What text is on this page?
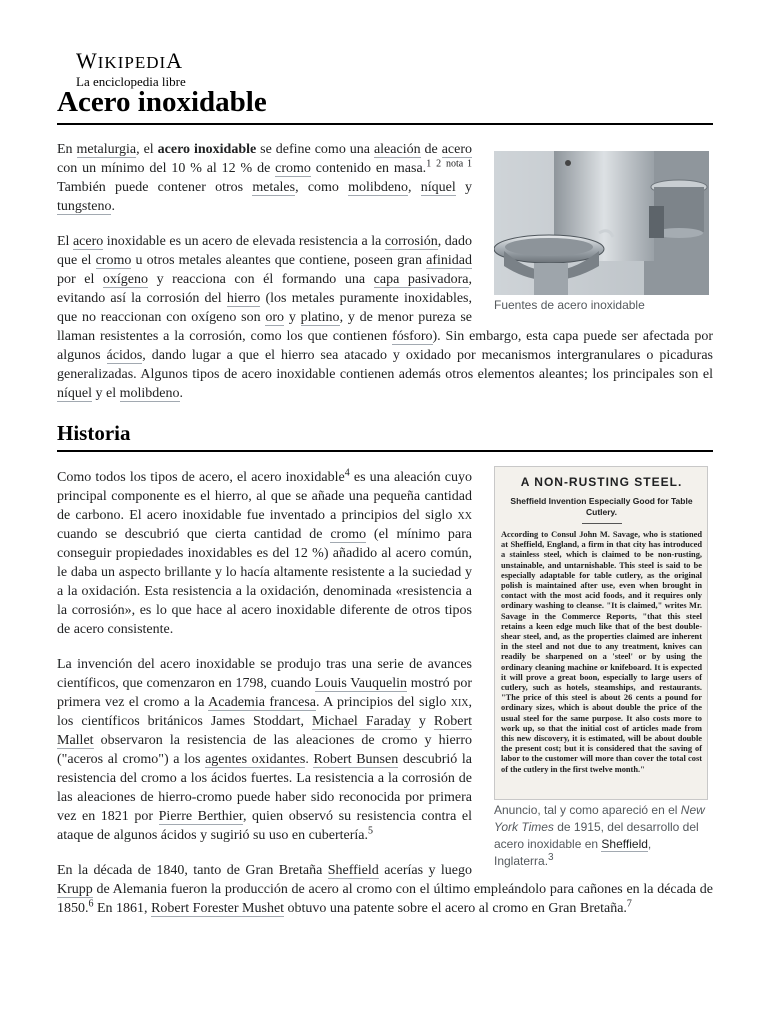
WIKIPEDIA
La enciclopedia libre
Acero inoxidable
Fuentes de acero inoxidable

En metalurgia, el acero inoxidable se define como una aleación de acero con un mínimo del 10 % al 12 % de cromo contenido en masa.$^1$ $^2$ $^{nota 1}$ También puede contener otros metales, como molibdeno, níquel y tungsteno.

El acero inoxidable es un acero de elevada resistencia a la corrosión, dado que el cromo u otros metales aleantes que contiene, poseen gran afinidad por el oxígeno y reacciona con él formando una capa pasivadora, evitando así la corrosión del hierro (los metales puramente inoxidables, que no reaccionan con oxígeno son oro y platino, y de menor pureza se llaman resistentes a la corrosión, como los que contienen fósforo). Sin embargo, esta capa puede ser afectada por algunos ácidos, dando lugar a que el hierro sea atacado y oxidado por mecanismos intergranulares o picaduras generalizadas. Algunos tipos de acero inoxidable contienen además otros elementos aleantes; los principales son el níquel y el molibdeno.

Historia
A NON-RUSTING STEEL.
Sheffield Invention Especially Good for Table Cutlery.
According to Consul John M. Savage, who is stationed at Sheffield, England, a firm in that city has introduced a stainless steel, which is claimed to be non-rusting, unstainable, and untarnishable. This steel is said to be especially adaptable for table cutlery, as the original polish is maintained after use, even when brought in contact with the most acid foods, and it requires only ordinary washing to cleanse. "It is claimed," writes Mr. Savage in the Commerce Reports, "that this steel retains a keen edge much like that of the best double-shear steel, and, as the properties claimed are inherent in the steel and not due to any treatment, knives can readily be sharpened on a 'steel' or by using the ordinary cleaning machine or knifeboard. It is expected it will prove a great boon, especially to large users of cutlery, such as hotels, steamships, and restaurants. "The price of this steel is about 26 cents a pound for ordinary sizes, which is about double the price of the usual steel for the same purpose. It also costs more to work up, so that the initial cost of articles made from this new discovery, it is estimated, will be about double the present cost; but it is considered that the saving of labor to the customer will more than cover the total cost of the cutlery in the first twelve month."
Anuncio, tal y como apareció en el New York Times de 1915, del desarrollo del acero inoxidable en Sheffield, Inglaterra.$^3$

Como todos los tipos de acero, el acero inoxidable$^4$ es una aleación cuyo principal componente es el hierro, al que se añade una pequeña cantidad de carbono. El acero inoxidable fue inventado a principios del siglo xx cuando se descubrió que cierta cantidad de cromo (el mínimo para conseguir propiedades inoxidables es del 12 %) añadido al acero común, le daba un aspecto brillante y lo hacía altamente resistente a la suciedad y a la oxidación. Esta resistencia a la oxidación, denominada «resistencia a la corrosión», es lo que hace al acero inoxidable diferente de otros tipos de acero consistente.

La invención del acero inoxidable se produjo tras una serie de avances científicos, que comenzaron en 1798, cuando Louis Vauquelin mostró por primera vez el cromo a la Academia francesa. A principios del siglo xix, los científicos británicos James Stoddart, Michael Faraday y Robert Mallet observaron la resistencia de las aleaciones de cromo y hierro ("aceros al cromo") a los agentes oxidantes. Robert Bunsen descubrió la resistencia del cromo a los ácidos fuertes. La resistencia a la corrosión de las aleaciones de hierro-cromo puede haber sido reconocida por primera vez en 1821 por Pierre Berthier, quien observó su resistencia contra el ataque de algunos ácidos y sugirió su uso en cubertería.$^5$

En la década de 1840, tanto de Gran Bretaña Sheffield acerías y luego Krupp de Alemania fueron la producción de acero al cromo con el último empleándolo para cañones en la década de 1850.$^6$ En 1861, Robert Forester Mushet obtuvo una patente sobre el acero al cromo en Gran Bretaña.$^7$
